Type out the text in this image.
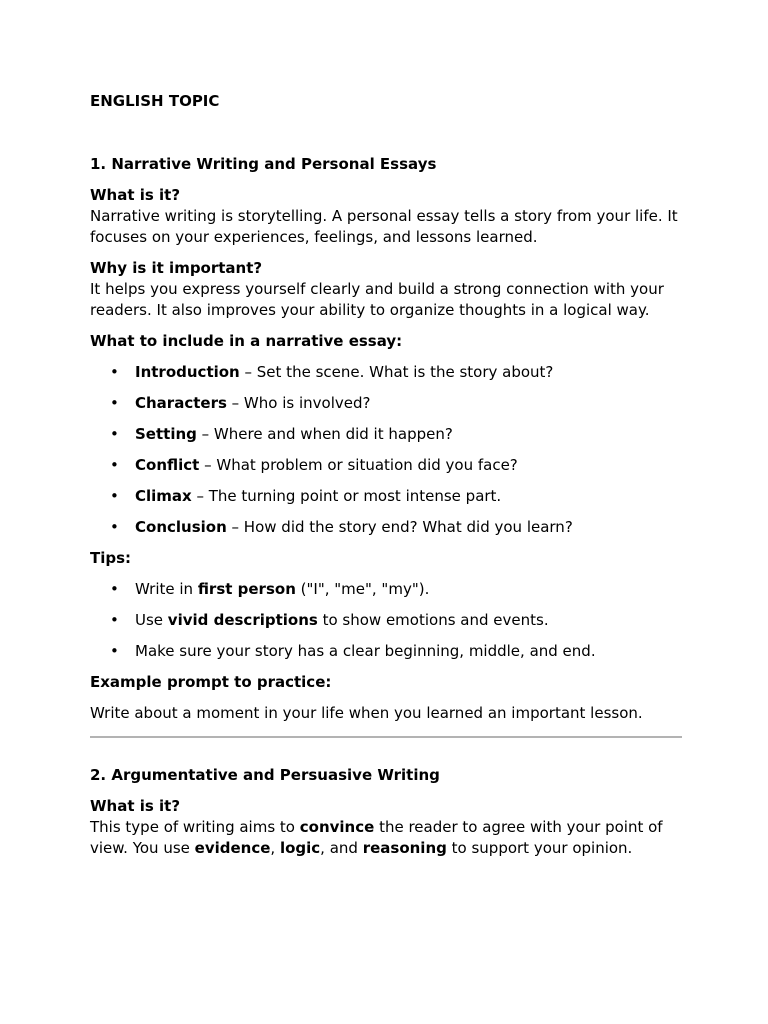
ENGLISH TOPIC

1. Narrative Writing and Personal Essays

What is it?

Narrative writing is storytelling. A personal essay tells a story from your life. It focuses on your experiences, feelings, and lessons learned.

Why is it important?

It helps you express yourself clearly and build a strong connection with your readers. It also improves your ability to organize thoughts in a logical way.

What to include in a narrative essay:

• Introduction – Set the scene. What is the story about?
• Characters – Who is involved?
• Setting – Where and when did it happen?
• Conflict – What problem or situation did you face?
• Climax – The turning point or most intense part.
• Conclusion – How did the story end? What did you learn?

Tips:

• Write in first person ("I", "me", "my").
• Use vivid descriptions to show emotions and events.
• Make sure your story has a clear beginning, middle, and end.

Example prompt to practice:

Write about a moment in your life when you learned an important lesson.

2. Argumentative and Persuasive Writing

What is it?

This type of writing aims to convince the reader to agree with your point of view. You use evidence, logic, and reasoning to support your opinion.
